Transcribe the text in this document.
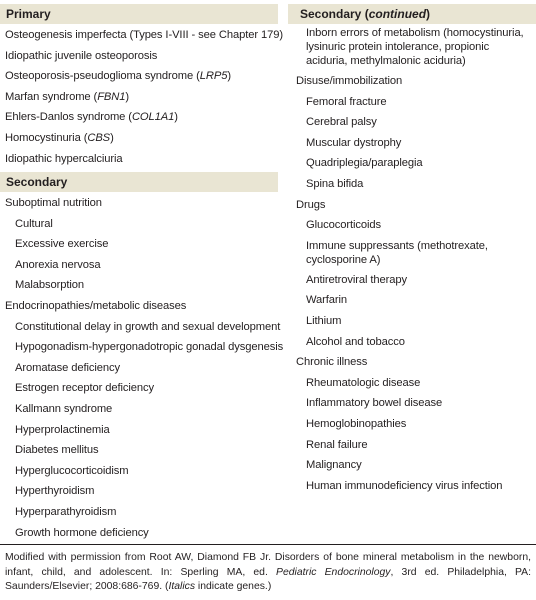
Primary
Osteogenesis imperfecta (Types I-VIII - see Chapter 179)
Idiopathic juvenile osteoporosis
Osteoporosis-pseudoglioma syndrome (LRP5)
Marfan syndrome (FBN1)
Ehlers-Danlos syndrome (COL1A1)
Homocystinuria (CBS)
Idiopathic hypercalciuria
Secondary
Suboptimal nutrition
Cultural
Excessive exercise
Anorexia nervosa
Malabsorption
Endocrinopathies/metabolic diseases
Constitutional delay in growth and sexual development
Hypogonadism-hypergonadotropic gonadal dysgenesis
Aromatase deficiency
Estrogen receptor deficiency
Kallmann syndrome
Hyperprolactinemia
Diabetes mellitus
Hyperglucocorticoidism
Hyperthyroidism
Hyperparathyroidism
Growth hormone deficiency
Secondary (continued)
Inborn errors of metabolism (homocystinuria, lysinuric protein intolerance, propionic aciduria, methylmalonic aciduria)
Disuse/immobilization
Femoral fracture
Cerebral palsy
Muscular dystrophy
Quadriplegia/paraplegia
Spina bifida
Drugs
Glucocorticoids
Immune suppressants (methotrexate, cyclosporine A)
Antiretroviral therapy
Warfarin
Lithium
Alcohol and tobacco
Chronic illness
Rheumatologic disease
Inflammatory bowel disease
Hemoglobinopathies
Renal failure
Malignancy
Human immunodeficiency virus infection
Modified with permission from Root AW, Diamond FB Jr. Disorders of bone mineral metabolism in the newborn, infant, child, and adolescent. In: Sperling MA, ed. Pediatric Endocrinology, 3rd ed. Philadelphia, PA: Saunders/Elsevier; 2008:686-769. (Italics indicate genes.)
